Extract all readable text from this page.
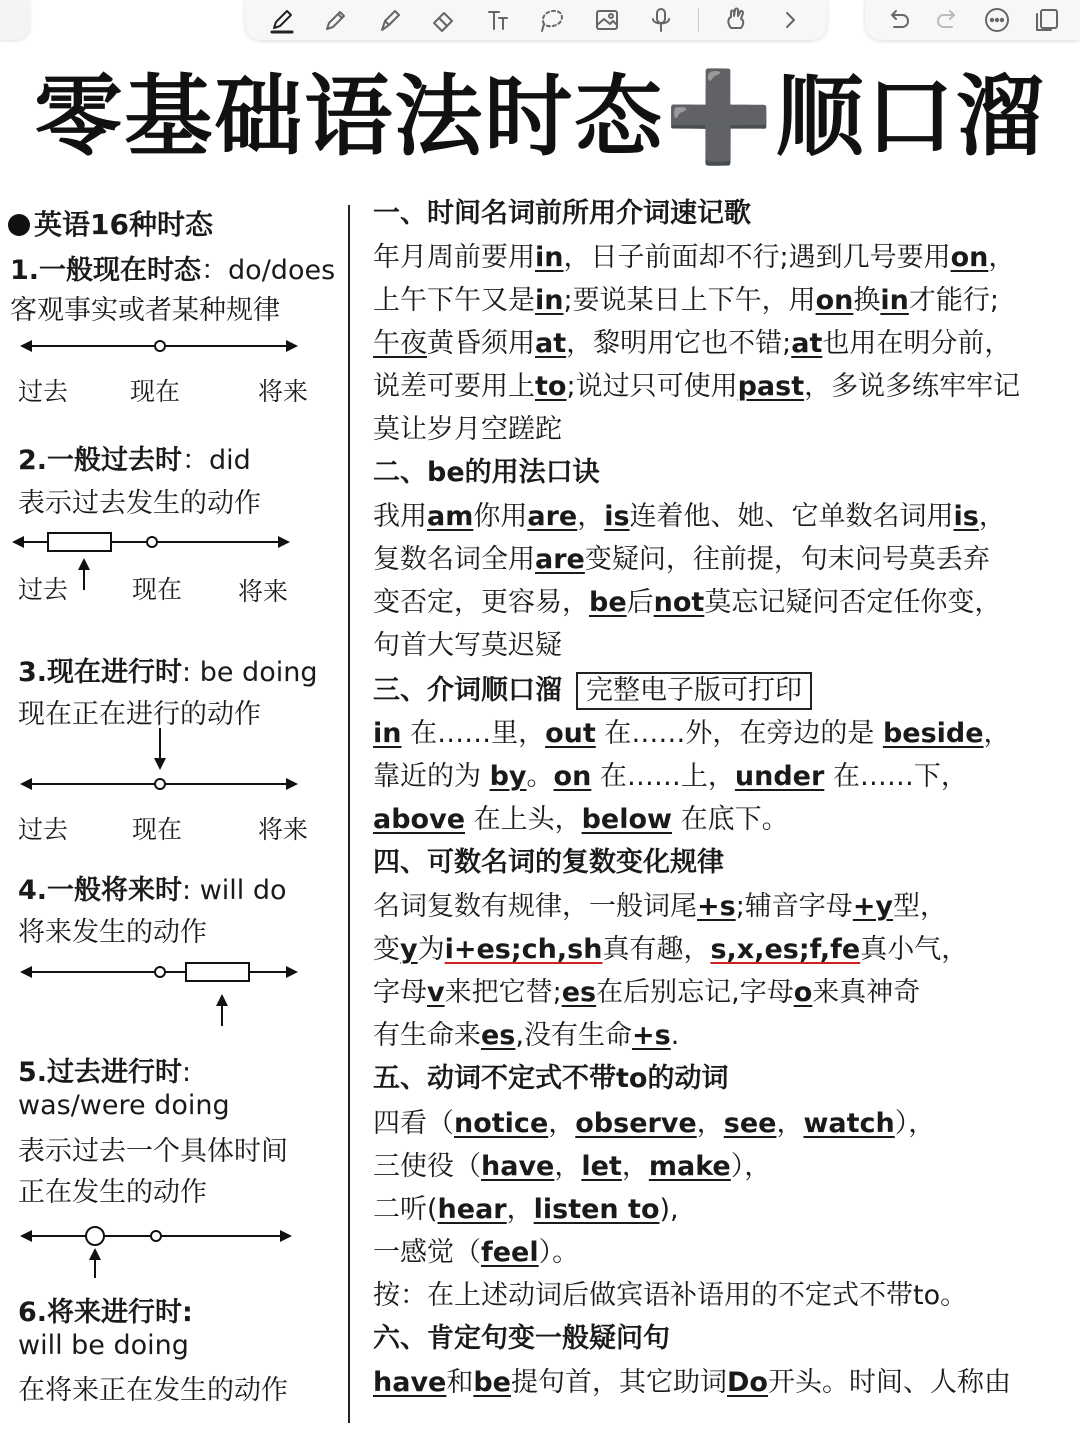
零基础语法时态➕顺口溜
英语16种时态
1.一般现在时态：do/does
客观事实或者某种规律
过去 现在	将来
2.一般过去时：did
表示过去发生的动作
过去	现在 将来
3.现在进行时: be doing
现在正在进行的动作
过去	现在	将来
4.一般将来时: will do
将来发生的动作
5.过去进行时:
was/were doing
表示过去一个具体时间
正在发生的动作
6.将来进行时:
will be doing
在将来正在发生的动作
一、时间名词前所用介词速记歌
年月周前要用in，日子前面却不行;遇到几号要用on，
上午下午又是in;要说某日上下午，用on换in才能行;
午夜黄昏须用at，黎明用它也不错;at也用在明分前，
说差可要用上to;说过只可使用past，多说多练牢牢记
莫让岁月空蹉跎
二、be的用法口诀
我用am你用are，is连着他、她、它单数名词用is，
复数名词全用are变疑问，往前提，句末问号莫丢弃
变否定，更容易，be后not莫忘记疑问否定任你变，
句首大写莫迟疑
三、介词顺口溜 完整电子版可打印
in 在……里，out 在……外，在旁边的是 beside，
靠近的为 by。on 在……上，under 在……下，
above 在上头，below 在底下。
四、可数名词的复数变化规律
名词复数有规律，一般词尾+s;辅音字母+y型，
变y为i+es;ch,sh真有趣，s,x,es;f,fe真小气，
字母v来把它替;es在后别忘记,字母o来真神奇
有生命来es,没有生命+s.
五、动词不定式不带to的动词
四看（notice，observe，see，watch），
三使役（have，let，make），
二听(hear，listen to),
一感觉（feel）。
按：在上述动词后做宾语补语用的不定式不带to。
六、肯定句变一般疑问句
have和be提句首，其它助词Do开头。时间、人称由
